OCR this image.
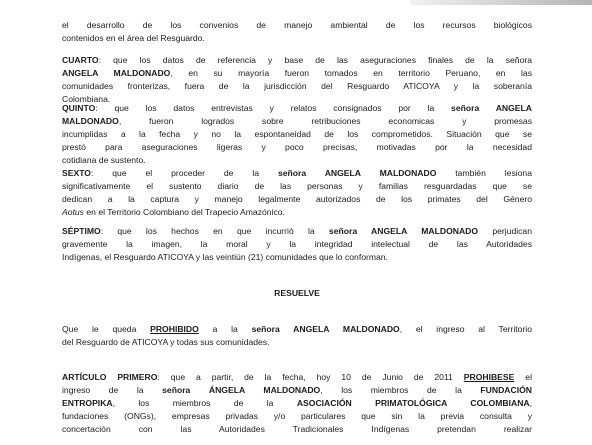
el desarrollo de los convenios de manejo ambiental de los recursos biológicos
contenidos en el área del Resguardo.
CUARTO: que los datos de referencia y base de las aseguraciones finales de la señora
ANGELA MALDONADO, en su mayoría fueron tomados en territorio Peruano, en las
comunidades fronterizas, fuera de la jurisdicción del Resguardo ATICOYA y la soberanía
Colombiana.
QUINTO: que los datos entrevistas y relatos consignados por la señora ANGELA
MALDONADO, fueron logrados sobre retribuciones economicas y promesas
incumplidas a la fecha y no la espontaneidad de los comprometidos. Situación que se
prestó para aseguraciones ligeras y poco precisas, motivadas por la necesidad
cotidiana de sustento.
SEXTO: que el proceder de la señora ANGELA MALDONADO también lesiona
significativamente el sustento diario de las personas y familias resguardadas que se
dedican a la captura y manejo legalmente autorizados de los primates del Género
Aotus en el Territorio Colombiano del Trapecio Amazónico.
SÉPTIMO: que los hechos en que incurrió la señora ANGELA MALDONADO perjudican
gravemente la imagen, la moral y la integridad intelectual de las Autoridades
Indígenas, el Resguardo ATICOYA y las veintiún (21) comunidades que lo conforman.
RESUELVE
Que le queda PROHIBIDO a la señora ANGELA MALDONADO, el ingreso al Territorio
del Resguardo de ATICOYA y todas sus comunidades.
ARTÍCULO PRIMERO: que a partir, de la fecha, hoy 10 de Junio de 2011 PROHIBESE el
ingreso de la señora ÁNGELA MALDONADO, los miembros de la FUNDACIÓN
ENTROPIKA, los miembros de la ASOCIACIÓN PRIMATOLÓGICA COLOMBIANA,
fundaciones (ONGs), empresas privadas y/o particulares que sin la previa consulta y
concertación con las Autoridades Tradicionales Indígenas pretendan realizar
